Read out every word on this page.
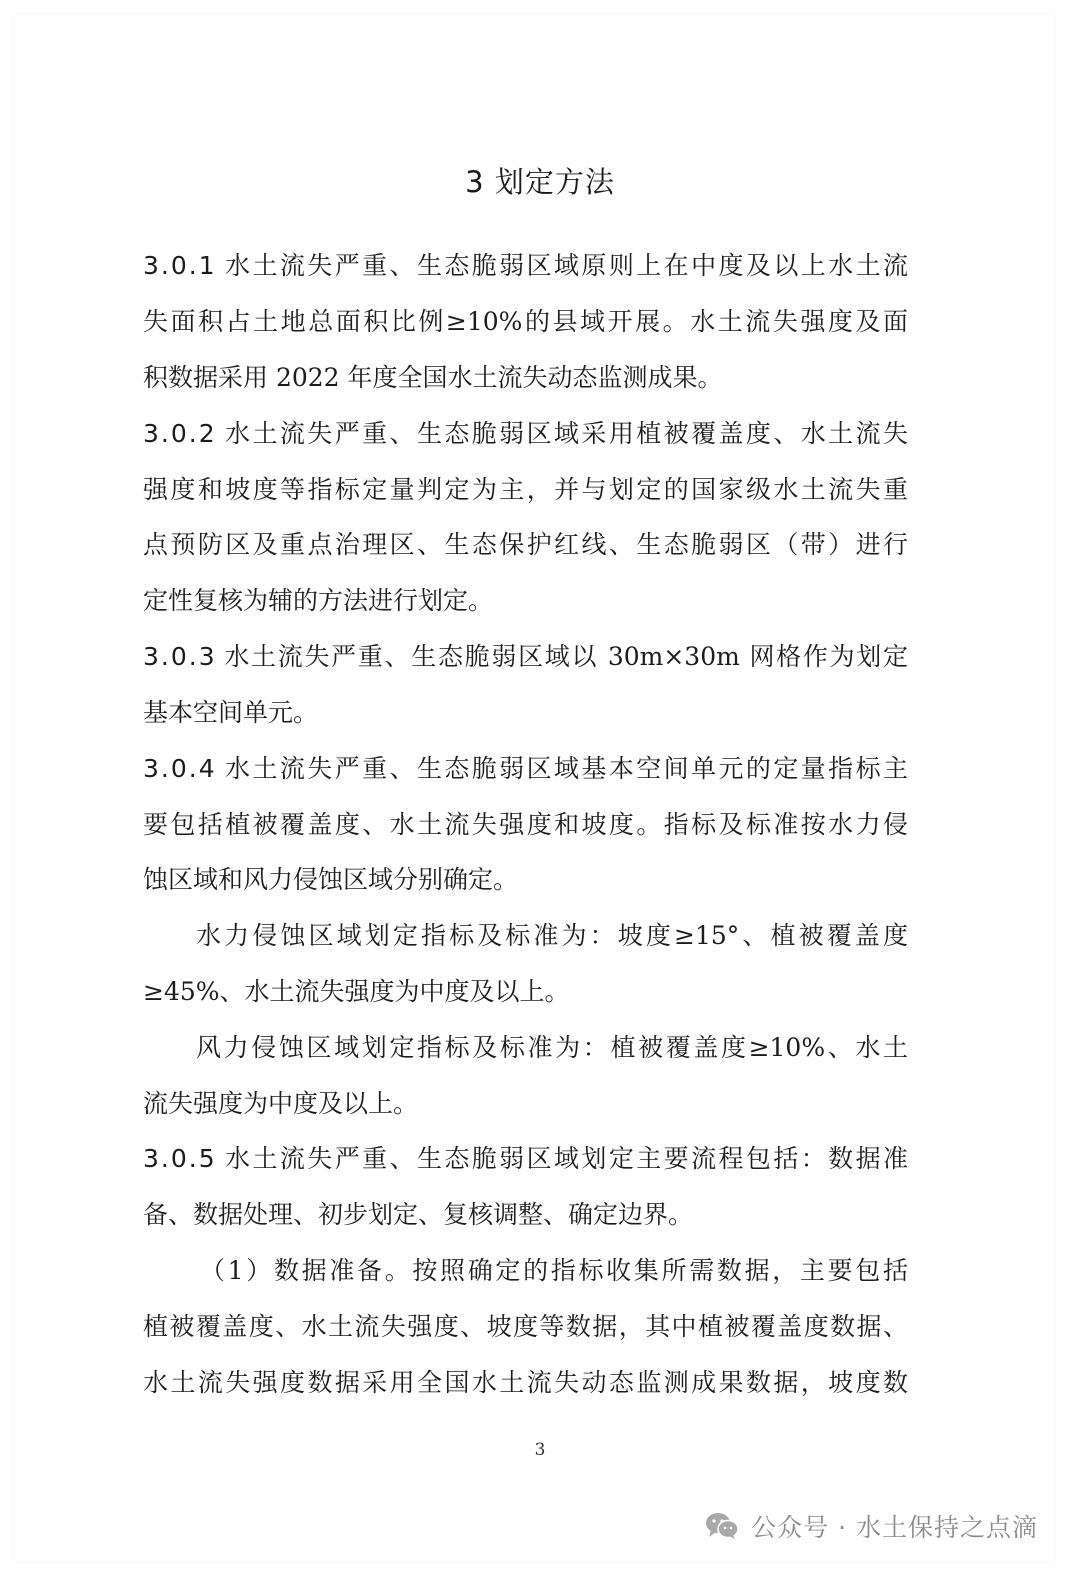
3 划定方法
3.0.1 水土流失严重、生态脆弱区域原则上在中度及以上水土流
失面积占土地总面积比例≥10%的县域开展。水土流失强度及面
积数据采用 2022 年度全国水土流失动态监测成果。
3.0.2 水土流失严重、生态脆弱区域采用植被覆盖度、水土流失
强度和坡度等指标定量判定为主，并与划定的国家级水土流失重
点预防区及重点治理区、生态保护红线、生态脆弱区（带）进行
定性复核为辅的方法进行划定。
3.0.3 水土流失严重、生态脆弱区域以 30m×30m 网格作为划定
基本空间单元。
3.0.4 水土流失严重、生态脆弱区域基本空间单元的定量指标主
要包括植被覆盖度、水土流失强度和坡度。指标及标准按水力侵
蚀区域和风力侵蚀区域分别确定。
水力侵蚀区域划定指标及标准为：坡度≥15°、植被覆盖度
≥45%、水土流失强度为中度及以上。
风力侵蚀区域划定指标及标准为：植被覆盖度≥10%、水土
流失强度为中度及以上。
3.0.5 水土流失严重、生态脆弱区域划定主要流程包括：数据准
备、数据处理、初步划定、复核调整、确定边界。
（1）数据准备。按照确定的指标收集所需数据，主要包括
植被覆盖度、水土流失强度、坡度等数据，其中植被覆盖度数据、
水土流失强度数据采用全国水土流失动态监测成果数据，坡度数
3
公众号 · 水土保持之点滴
